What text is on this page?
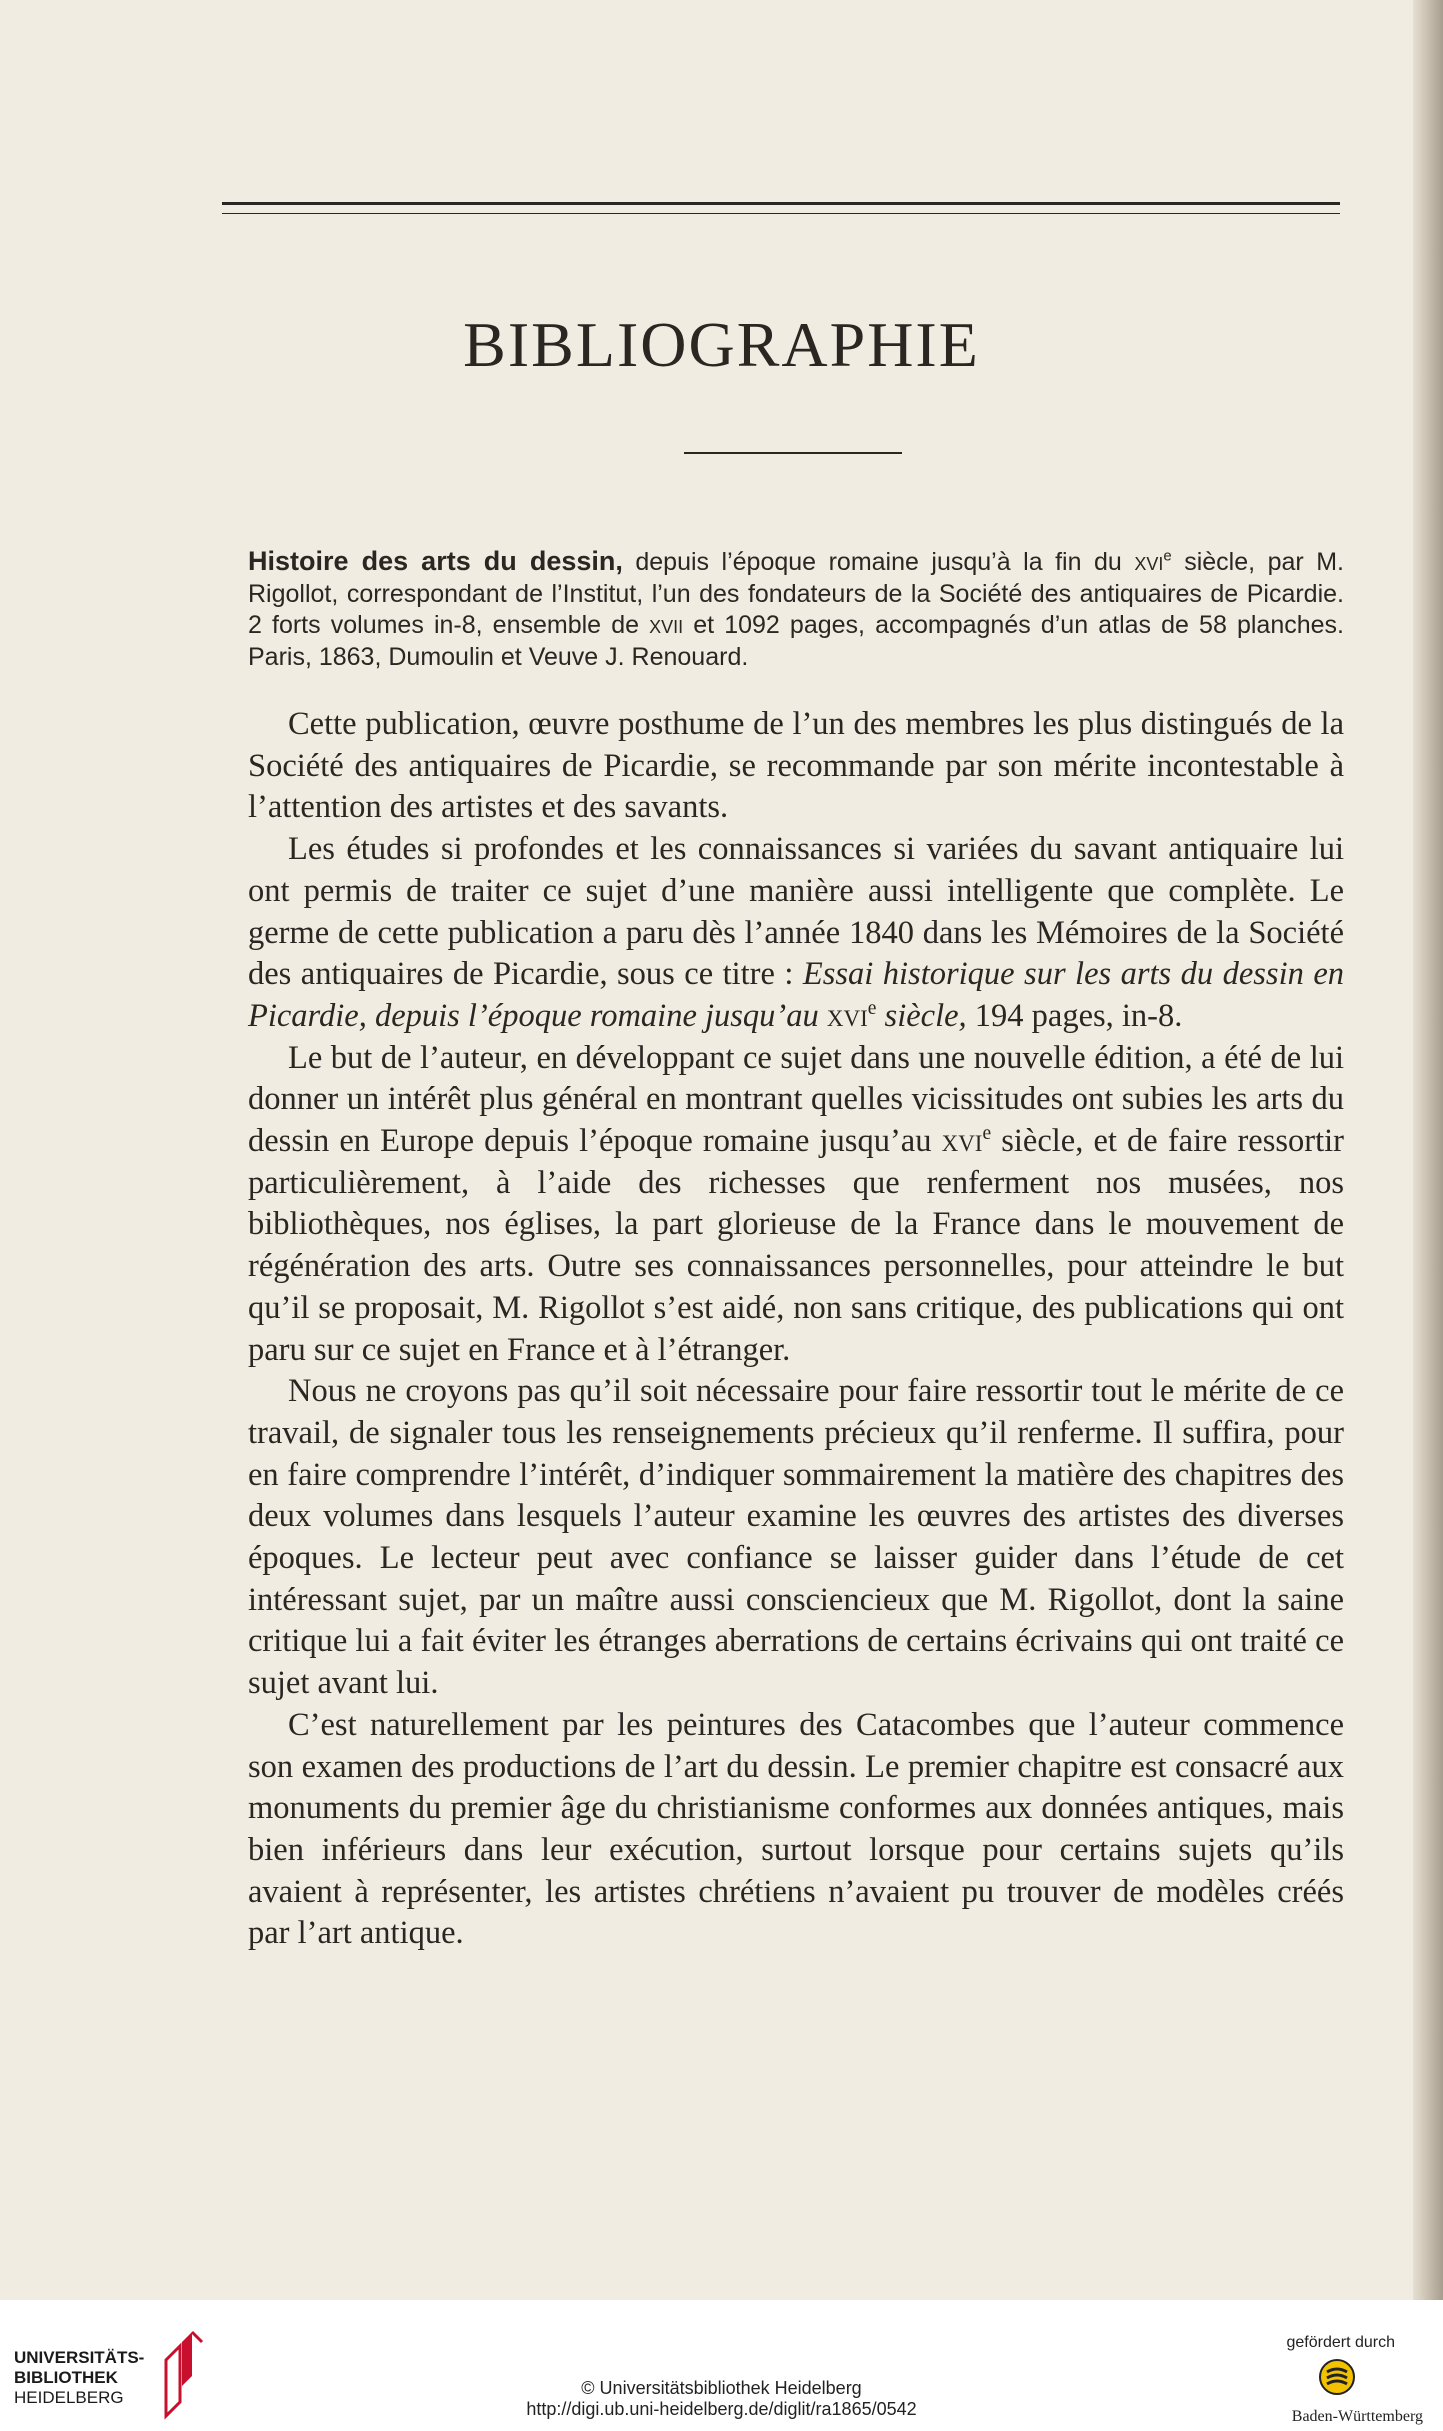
BIBLIOGRAPHIE

Histoire des arts du dessin, depuis l’époque romaine jusqu’à la fin du xvi$^e$ siècle, par M. Rigollot, correspondant de l’Institut, l’un des fondateurs de la Société des antiquaires de Picardie. 2 forts volumes in-8, ensemble de xvii et 1092 pages, accompagnés d’un atlas de 58 planches. Paris, 1863, Dumoulin et Veuve J. Renouard.

Cette publication, œuvre posthume de l’un des membres les plus distingués de la Société des antiquaires de Picardie, se recommande par son mérite incontestable à l’attention des artistes et des savants.

Les études si profondes et les connaissances si variées du savant antiquaire lui ont permis de traiter ce sujet d’une manière aussi intelligente que complète. Le germe de cette publication a paru dès l’année 1840 dans les Mémoires de la Société des antiquaires de Picardie, sous ce titre : Essai historique sur les arts du dessin en Picardie, depuis l’époque romaine jusqu’au xvi$^e$ siècle, 194 pages, in-8.

Le but de l’auteur, en développant ce sujet dans une nouvelle édition, a été de lui donner un intérêt plus général en montrant quelles vicissitudes ont subies les arts du dessin en Europe depuis l’époque romaine jusqu’au xvi$^e$ siècle, et de faire ressortir particulièrement, à l’aide des richesses que renferment nos musées, nos bibliothèques, nos églises, la part glorieuse de la France dans le mouvement de régénération des arts. Outre ses connaissances personnelles, pour atteindre le but qu’il se proposait, M. Rigollot s’est aidé, non sans critique, des publications qui ont paru sur ce sujet en France et à l’étranger.

Nous ne croyons pas qu’il soit nécessaire pour faire ressortir tout le mérite de ce travail, de signaler tous les renseignements précieux qu’il renferme. Il suffira, pour en faire comprendre l’intérêt, d’indiquer sommairement la matière des chapitres des deux volumes dans lesquels l’auteur examine les œuvres des artistes des diverses époques. Le lecteur peut avec confiance se laisser guider dans l’étude de cet intéressant sujet, par un maître aussi consciencieux que M. Rigollot, dont la saine critique lui a fait éviter les étranges aberrations de certains écrivains qui ont traité ce sujet avant lui.

C’est naturellement par les peintures des Catacombes que l’auteur commence son examen des productions de l’art du dessin. Le premier chapitre est consacré aux monuments du premier âge du christianisme conformes aux données antiques, mais bien inférieurs dans leur exécution, surtout lorsque pour certains sujets qu’ils avaient à représenter, les artistes chrétiens n’avaient pu trouver de modèles créés par l’art antique.

UNIVERSITÄTS-
BIBLIOTHEK
HEIDELBERG	© Universitätsbibliothek Heidelberg
http://digi.ub.uni-heidelberg.de/diglit/ra1865/0542
gefördert durch
Baden-Württemberg
